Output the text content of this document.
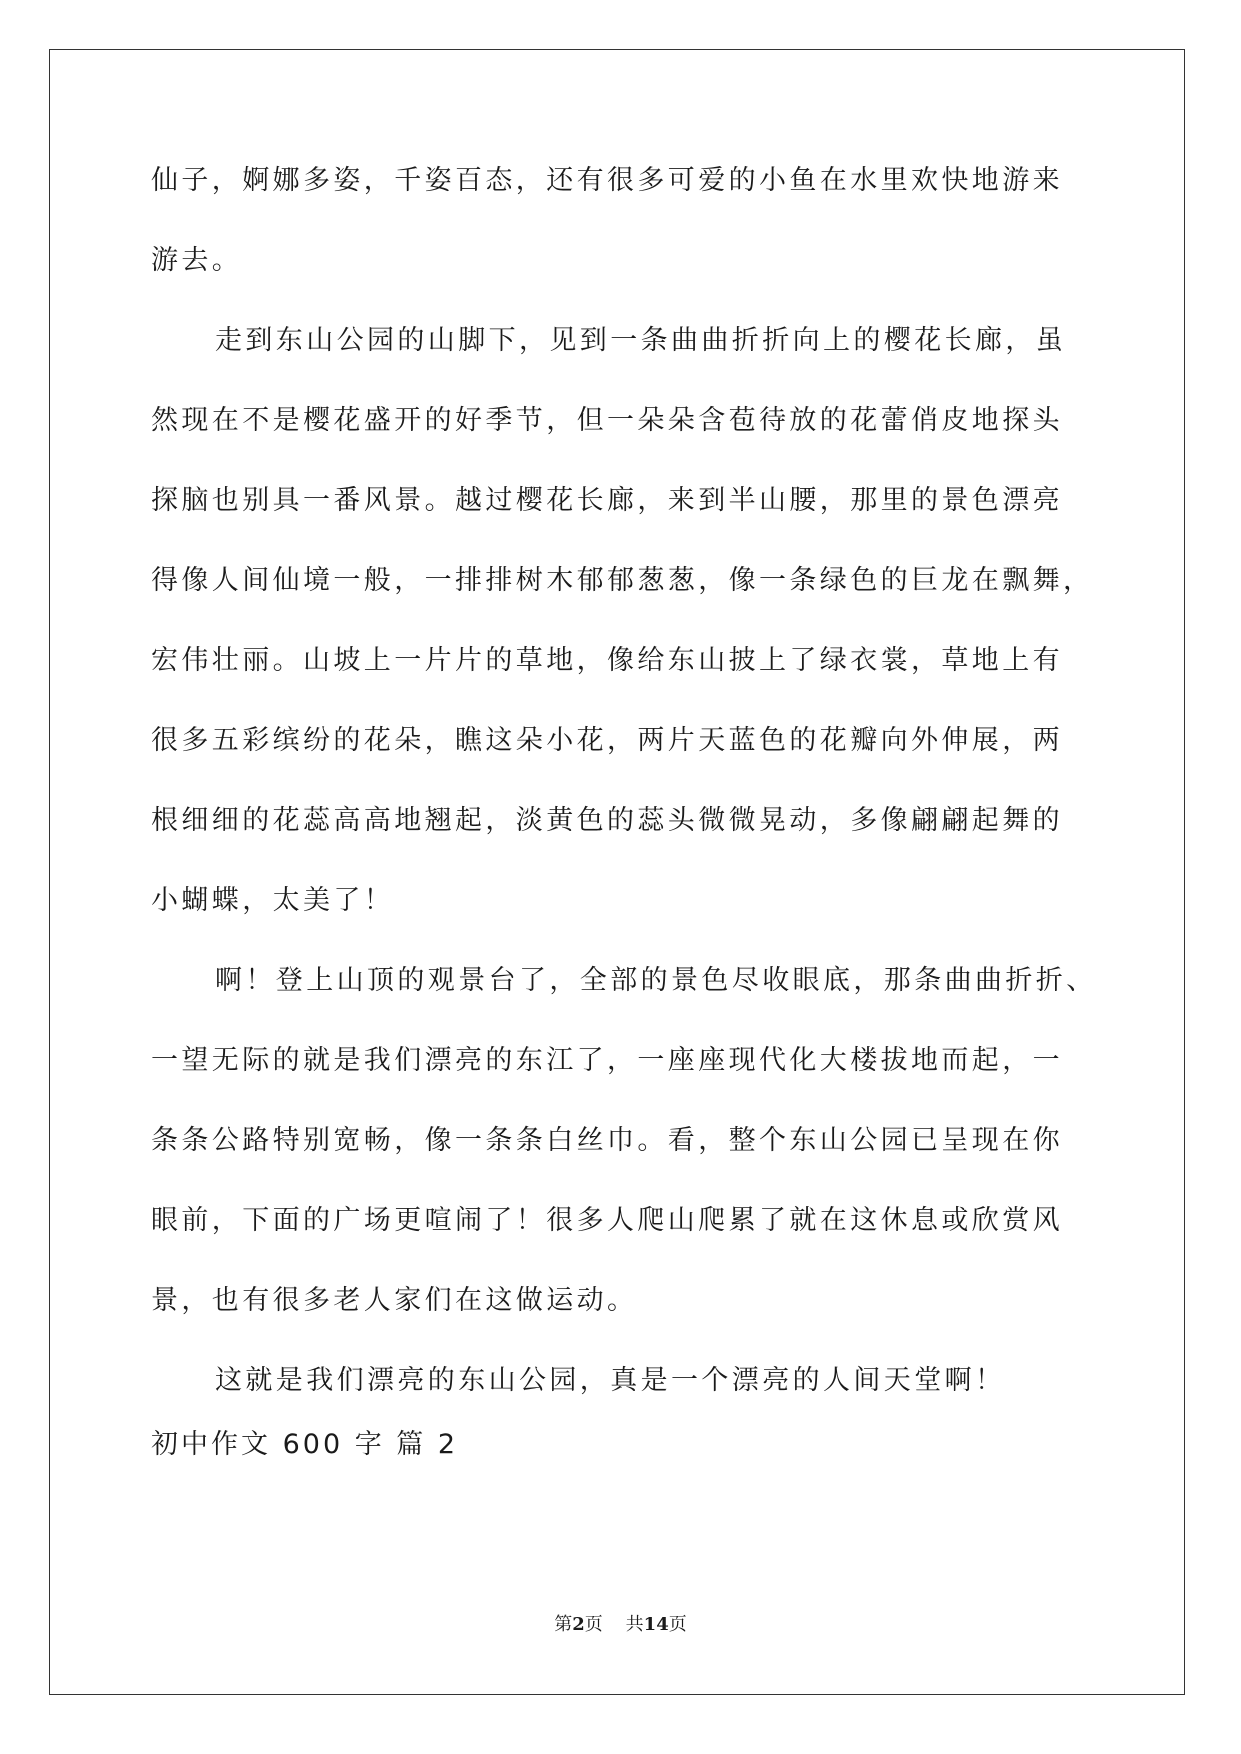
仙子，婀娜多姿，千姿百态，还有很多可爱的小鱼在水里欢快地游来
游去。
走到东山公园的山脚下，见到一条曲曲折折向上的樱花长廊，虽
然现在不是樱花盛开的好季节，但一朵朵含苞待放的花蕾俏皮地探头
探脑也别具一番风景。越过樱花长廊，来到半山腰，那里的景色漂亮
得像人间仙境一般，一排排树木郁郁葱葱，像一条绿色的巨龙在飘舞，
宏伟壮丽。山坡上一片片的草地，像给东山披上了绿衣裳，草地上有
很多五彩缤纷的花朵，瞧这朵小花，两片天蓝色的花瓣向外伸展，两
根细细的花蕊高高地翘起，淡黄色的蕊头微微晃动，多像翩翩起舞的
小蝴蝶，太美了！
啊！登上山顶的观景台了，全部的景色尽收眼底，那条曲曲折折、
一望无际的就是我们漂亮的东江了，一座座现代化大楼拔地而起，一
条条公路特别宽畅，像一条条白丝巾。看，整个东山公园已呈现在你
眼前，下面的广场更喧闹了！很多人爬山爬累了就在这休息或欣赏风
景，也有很多老人家们在这做运动。
这就是我们漂亮的东山公园，真是一个漂亮的人间天堂啊！
初中作文 600 字 篇 2
第2页 共14页
